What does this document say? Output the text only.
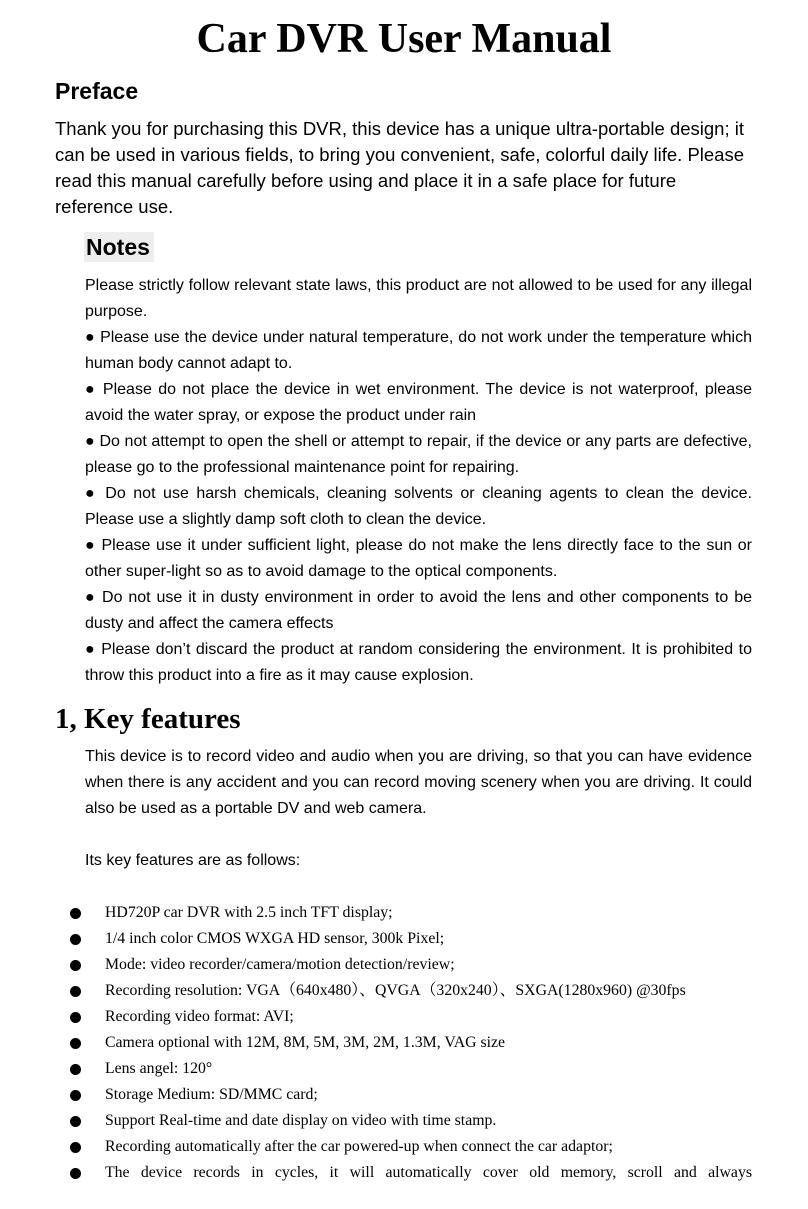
Car DVR User Manual
Preface
Thank you for purchasing this DVR, this device has a unique ultra-portable design; it can be used in various fields, to bring you convenient, safe, colorful daily life. Please read this manual carefully before using and place it in a safe place for future reference use.
Notes

Please strictly follow relevant state laws, this product are not allowed to be used for any illegal purpose.

● Please use the device under natural temperature, do not work under the temperature which human body cannot adapt to.

● Please do not place the device in wet environment. The device is not waterproof, please avoid the water spray, or expose the product under rain

● Do not attempt to open the shell or attempt to repair, if the device or any parts are defective, please go to the professional maintenance point for repairing.

● Do not use harsh chemicals, cleaning solvents or cleaning agents to clean the device. Please use a slightly damp soft cloth to clean the device.

● Please use it under sufficient light, please do not make the lens directly face to the sun or other super-light so as to avoid damage to the optical components.

● Do not use it in dusty environment in order to avoid the lens and other components to be dusty and affect the camera effects

● Please don’t discard the product at random considering the environment. It is prohibited to throw this product into a fire as it may cause explosion.

1, Key features

This device is to record video and audio when you are driving, so that you can have evidence when there is any accident and you can record moving scenery when you are driving. It could also be used as a portable DV and web camera.

Its key features are as follows:

HD720P car DVR with 2.5 inch TFT display;
1/4 inch color CMOS WXGA HD sensor, 300k Pixel;
Mode: video recorder/camera/motion detection/review;
Recording resolution: VGA（640x480）、QVGA（320x240）、SXGA(1280x960) @30fps
Recording video format: AVI;
Camera optional with 12M, 8M, 5M, 3M, 2M, 1.3M, VAG size
Lens angel: 120°
Storage Medium: SD/MMC card;
Support Real-time and date display on video with time stamp.
Recording automatically after the car powered-up when connect the car adaptor;
The device records in cycles, it will automatically cover old memory, scroll and always
